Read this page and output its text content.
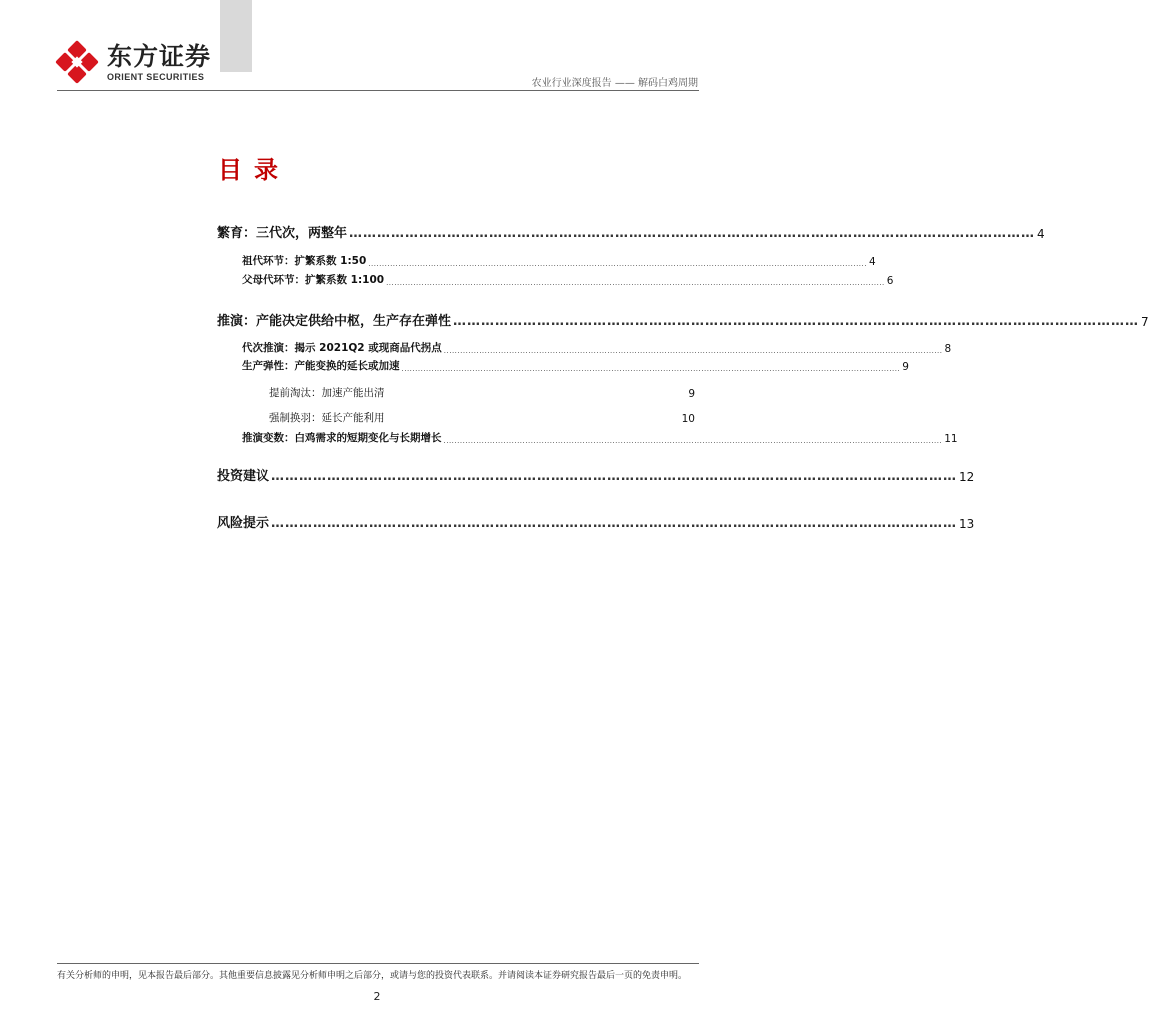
东方证券
ORIENT SECURITIES
农业行业深度报告 —— 解码白鸡周期
目录
繁育：三代次，两整年 ………………………………………………………………………………………………………………………………… 4
祖代环节：扩繁系数 1:50 ....................................................................................................................................................................................... 4
父母代环节：扩繁系数 1:100 ....................................................................................................................................................................................... 6
推演：产能决定供给中枢，生产存在弹性 ………………………………………………………………………………………………………………………………… 7
代次推演：揭示 2021Q2 或现商品代拐点 ....................................................................................................................................................................................... 8
生产弹性：产能变换的延长或加速 ....................................................................................................................................................................................... 9
提前淘汰：加速产能出清	9
强制换羽：延长产能利用	10
推演变数：白鸡需求的短期变化与长期增长 ....................................................................................................................................................................................... 11
投资建议 ………………………………………………………………………………………………………………………………… 12
风险提示 ………………………………………………………………………………………………………………………………… 13
有关分析师的申明，见本报告最后部分。其他重要信息披露见分析师申明之后部分，或请与您的投资代表联系。并请阅读本证券研究报告最后一页的免责申明。
2
